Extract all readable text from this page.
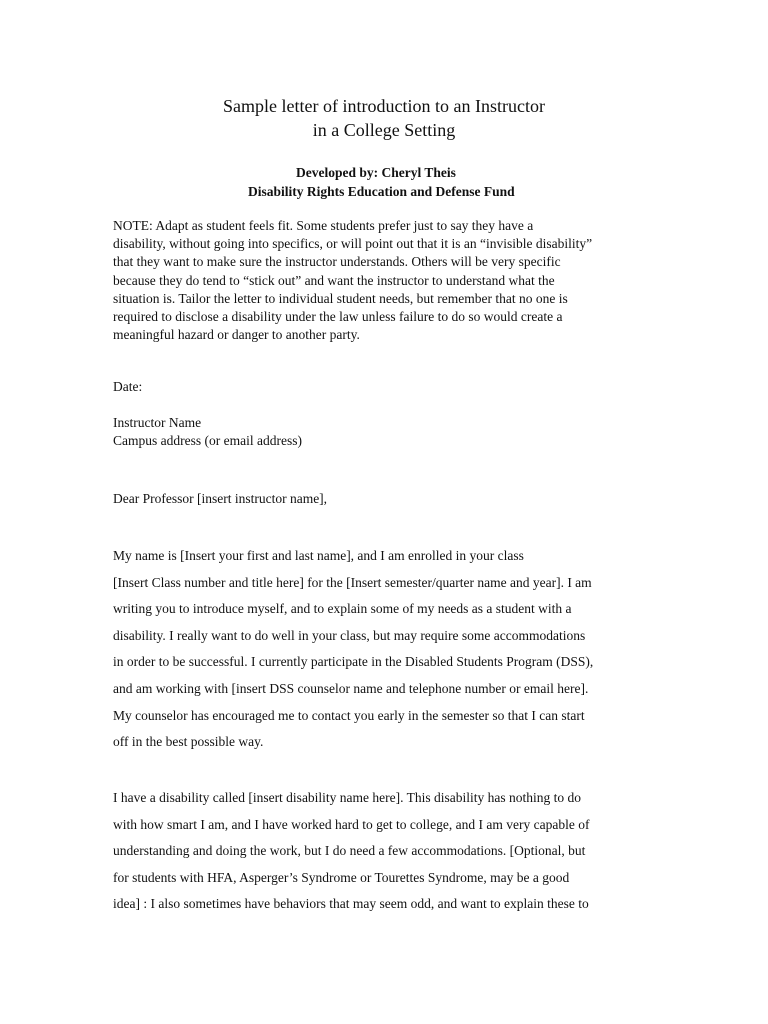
Sample letter of introduction to an Instructor
in a College Setting
Developed by: Cheryl Theis
Disability Rights Education and Defense Fund
NOTE: Adapt as student feels fit. Some students prefer just to say they have a
disability, without going into specifics, or will point out that it is an “invisible disability”
that they want to make sure the instructor understands. Others will be very specific
because they do tend to “stick out” and want the instructor to understand what the
situation is. Tailor the letter to individual student needs, but remember that no one is
required to disclose a disability under the law unless failure to do so would create a
meaningful hazard or danger to another party.
Date:
Instructor Name
Campus address (or email address)
Dear Professor [insert instructor name],
My name is [Insert your first and last name], and I am enrolled in your class
[Insert Class number and title here] for the [Insert semester/quarter name and year]. I am
writing you to introduce myself, and to explain some of my needs as a student with a
disability. I really want to do well in your class, but may require some accommodations
in order to be successful. I currently participate in the Disabled Students Program (DSS),
and am working with [insert DSS counselor name and telephone number or email here].
My counselor has encouraged me to contact you early in the semester so that I can start
off in the best possible way.
I have a disability called [insert disability name here]. This disability has nothing to do
with how smart I am, and I have worked hard to get to college, and I am very capable of
understanding and doing the work, but I do need a few accommodations. [Optional, but
for students with HFA, Asperger’s Syndrome or Tourettes Syndrome, may be a good
idea] : I also sometimes have behaviors that may seem odd, and want to explain these to
